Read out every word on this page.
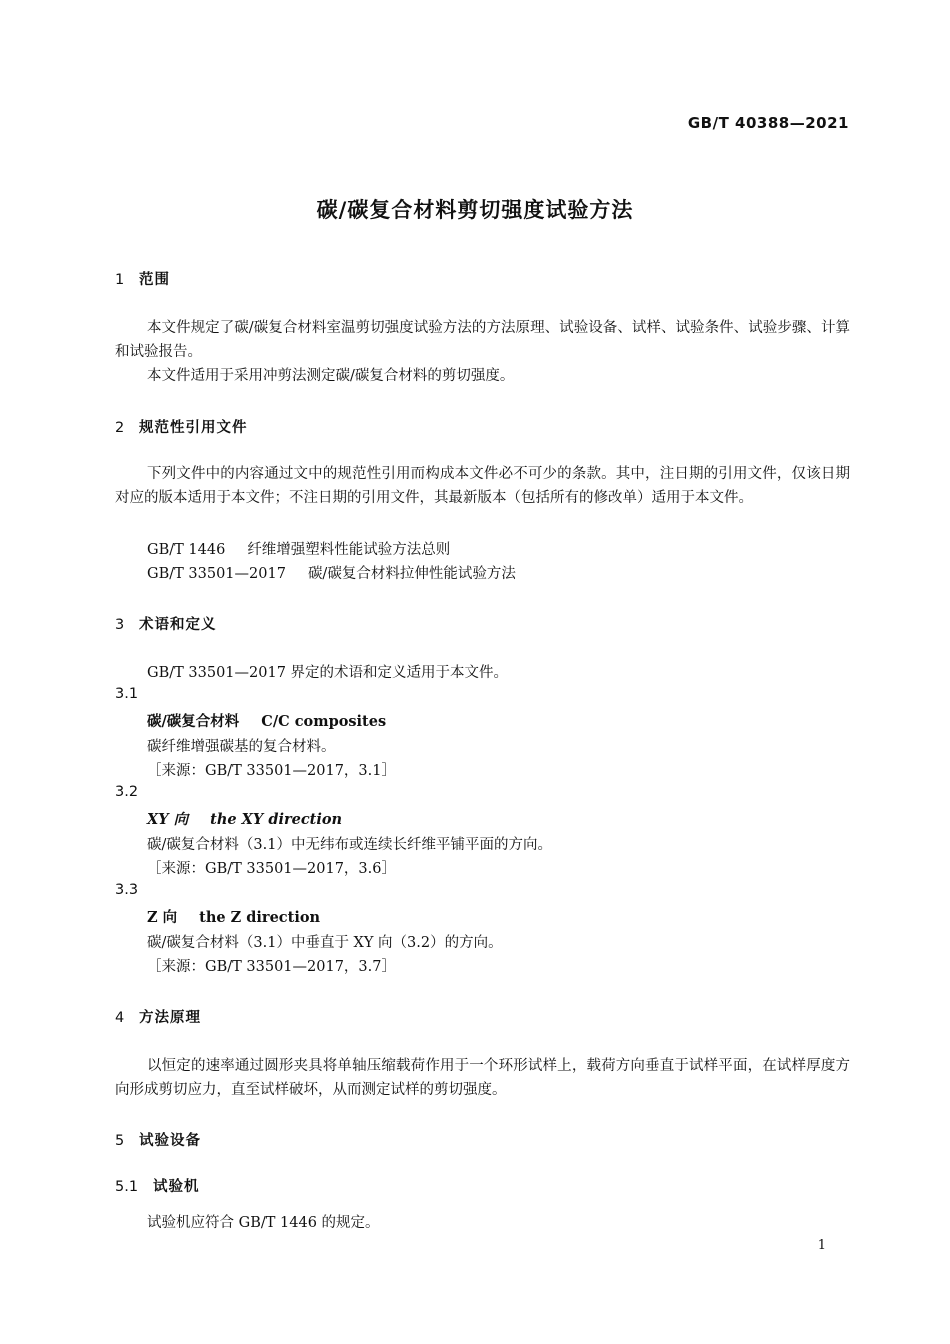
GB/T 40388—2021
碳/碳复合材料剪切强度试验方法
1 范围
本文件规定了碳/碳复合材料室温剪切强度试验方法的方法原理、试验设备、试样、试验条件、试验步骤、计算和试验报告。
本文件适用于采用冲剪法测定碳/碳复合材料的剪切强度。
2 规范性引用文件
下列文件中的内容通过文中的规范性引用而构成本文件必不可少的条款。其中，注日期的引用文件，仅该日期对应的版本适用于本文件；不注日期的引用文件，其最新版本（包括所有的修改单）适用于本文件。
GB/T 1446 纤维增强塑料性能试验方法总则
GB/T 33501—2017 碳/碳复合材料拉伸性能试验方法
3 术语和定义
GB/T 33501—2017 界定的术语和定义适用于本文件。
3.1
碳/碳复合材料 C/C composites
碳纤维增强碳基的复合材料。
［来源：GB/T 33501—2017，3.1］
3.2
XY 向 the XY direction
碳/碳复合材料（3.1）中无纬布或连续长纤维平铺平面的方向。
［来源：GB/T 33501—2017，3.6］
3.3
Z 向 the Z direction
碳/碳复合材料（3.1）中垂直于 XY 向（3.2）的方向。
［来源：GB/T 33501—2017，3.7］
4 方法原理
以恒定的速率通过圆形夹具将单轴压缩载荷作用于一个环形试样上，载荷方向垂直于试样平面，在试样厚度方向形成剪切应力，直至试样破坏，从而测定试样的剪切强度。
5 试验设备
5.1 试验机
试验机应符合 GB/T 1446 的规定。
1
